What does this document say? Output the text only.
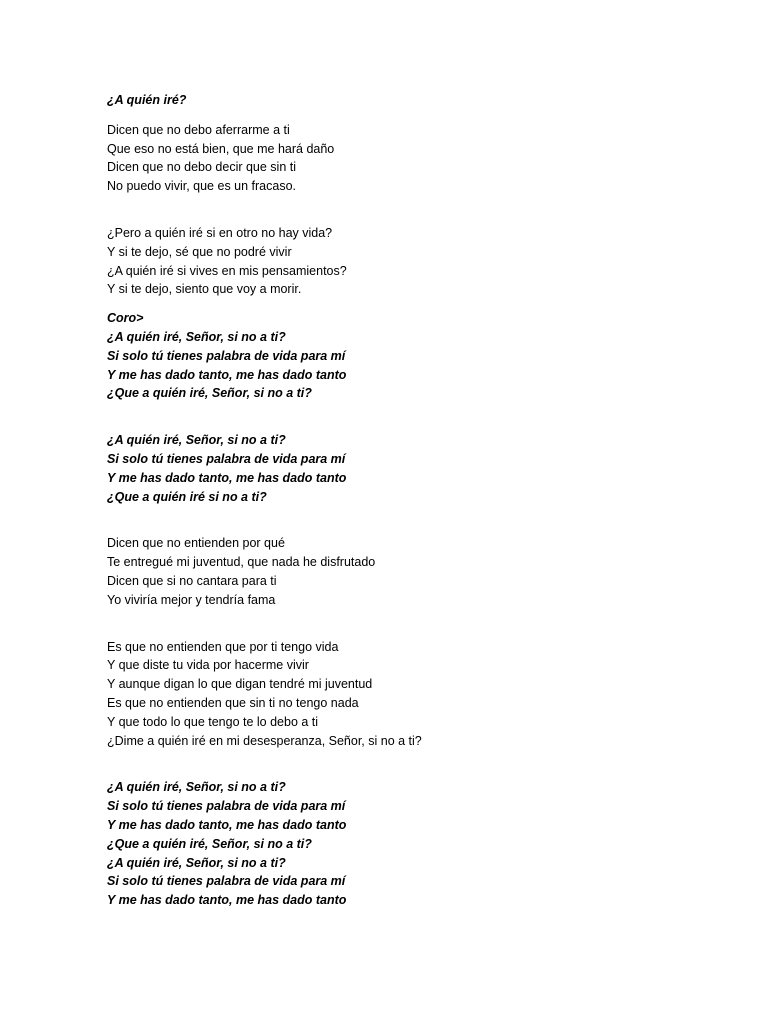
¿A quién iré?
Dicen que no debo aferrarme a ti
Que eso no está bien, que me hará daño
Dicen que no debo decir que sin ti
No puedo vivir, que es un fracaso.
¿Pero a quién iré si en otro no hay vida?
Y si te dejo, sé que no podré vivir
¿A quién iré si vives en mis pensamientos?
Y si te dejo, siento que voy a morir.
Coro>
¿A quién iré, Señor, si no a ti?
Si solo tú tienes palabra de vida para mí
Y me has dado tanto, me has dado tanto
¿Que a quién iré, Señor, si no a ti?
¿A quién iré, Señor, si no a ti?
Si solo tú tienes palabra de vida para mí
Y me has dado tanto, me has dado tanto
¿Que a quién iré si no a ti?
Dicen que no entienden por qué
Te entregué mi juventud, que nada he disfrutado
Dicen que si no cantara para ti
Yo viviría mejor y tendría fama
Es que no entienden que por ti tengo vida
Y que diste tu vida por hacerme vivir
Y aunque digan lo que digan tendré mi juventud
Es que no entienden que sin ti no tengo nada
Y que todo lo que tengo te lo debo a ti
¿Dime a quién iré en mi desesperanza, Señor, si no a ti?
¿A quién iré, Señor, si no a ti?
Si solo tú tienes palabra de vida para mí
Y me has dado tanto, me has dado tanto
¿Que a quién iré, Señor, si no a ti?
¿A quién iré, Señor, si no a ti?
Si solo tú tienes palabra de vida para mí
Y me has dado tanto, me has dado tanto
